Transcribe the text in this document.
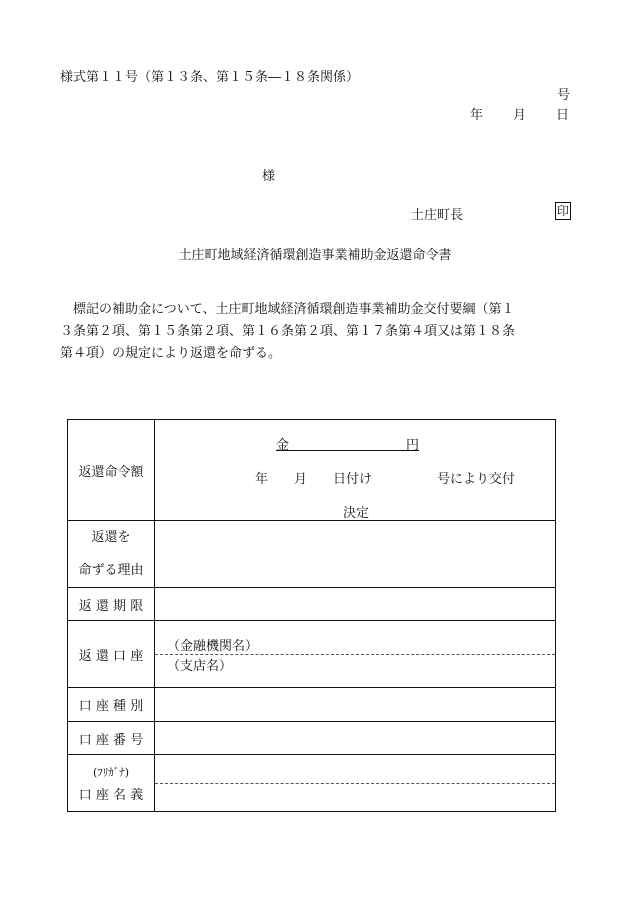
様式第１１号（第１３条、第１５条―１８条関係）
号
年 月 日
様
土庄町長	印
土庄町地域経済循環創造事業補助金返還命令書

標記の補助金について、土庄町地域経済循環創造事業補助金交付要綱（第１

３条第２項、第１５条第２項、第１６条第２項、第１７条第４項又は第１８条

第４項）の規定により返還を命ずる。

返還命令額	金　　　　　　　　　円
年　　月　　日付け　　　　　号により交付
決定

返還を
命ずる理由	

返 還 期 限	
返 還 口 座	（金融機関名）
（支店名）

口 座 種 別	
口 座 番 号	

(ﾌﾘｶﾞﾅ)
口 座 名 義	
